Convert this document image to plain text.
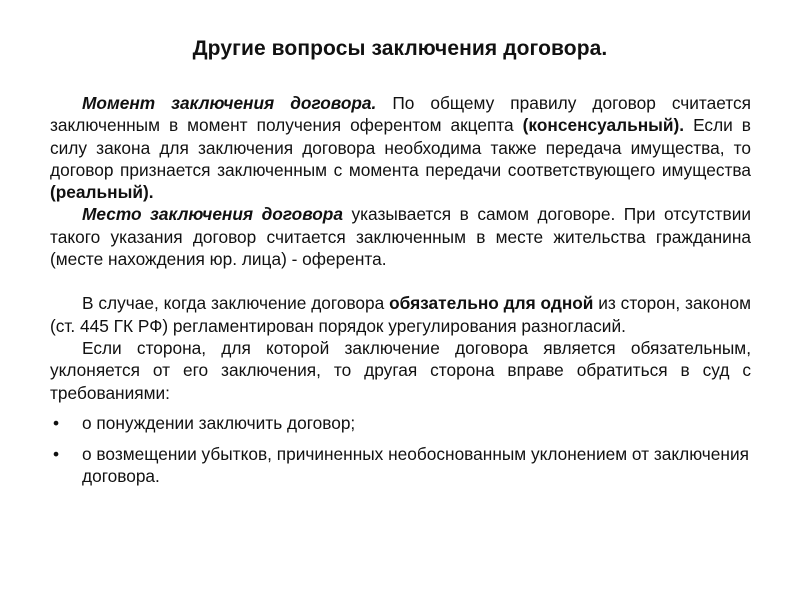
Другие вопросы заключения договора.

Момент заключения договора. По общему правилу договор считается заключенным в момент получения оферентом акцепта (консенсуальный). Если в силу закона для заключения договора необходима также передача имущества, то договор признается заключенным с момента передачи соответствующего имущества (реальный).

Место заключения договора указывается в самом договоре. При отсутствии такого указания договор считается заключенным в месте жительства гражданина (месте нахождения юр. лица) - оферента.

В случае, когда заключение договора обязательно для одной из сторон, законом (ст. 445 ГК РФ) регламентирован порядок урегулирования разногласий.

Если сторона, для которой заключение договора является обязательным, уклоняется от его заключения, то другая сторона вправе обратиться в суд с требованиями:

• о понуждении заключить договор;
• о возмещении убытков, причиненных необоснованным уклонением от заключения договора.
